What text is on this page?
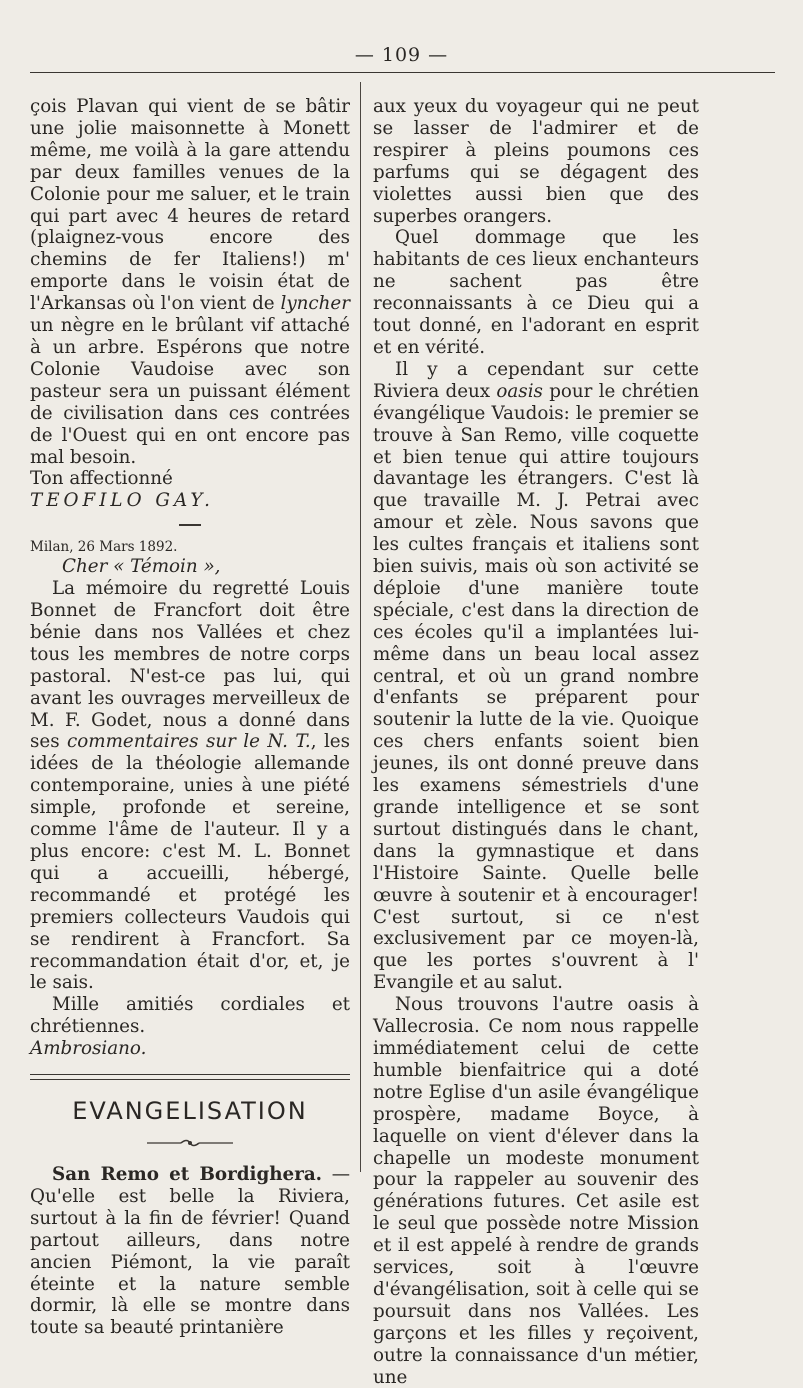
— 109 —

çois Plavan qui vient de se bâtir une jolie maisonnette à Monett même, me voilà à la gare attendu par deux familles venues de la Colonie pour me saluer, et le train qui part avec 4 heures de retard (plaignez-vous encore des chemins de fer Italiens!) m' emporte dans le voisin état de l'Arkansas où l'on vient de lyncher un nègre en le brûlant vif attaché à un arbre. Espérons que notre Colonie Vaudoise avec son pasteur sera un puissant élément de civilisation dans ces contrées de l'Ouest qui en ont encore pas mal besoin.

Ton affectionné

TEOFILO GAY.

Milan, 26 Mars 1892.

Cher « Témoin »,

La mémoire du regretté Louis Bonnet de Francfort doit être bénie dans nos Vallées et chez tous les membres de notre corps pastoral. N'est-ce pas lui, qui avant les ouvrages merveilleux de M. F. Godet, nous a donné dans ses commentaires sur le N. T., les idées de la théologie allemande contemporaine, unies à une piété simple, profonde et sereine, comme l'âme de l'auteur. Il y a plus encore: c'est M. L. Bonnet qui a accueilli, hébergé, recommandé et protégé les premiers collecteurs Vaudois qui se rendirent à Francfort. Sa recommandation était d'or, et, je le sais.

Mille amitiés cordiales et chrétiennes.

Ambrosiano.

EVANGELISATION

San Remo et Bordighera. — Qu'elle est belle la Riviera, surtout à la fin de février! Quand partout ailleurs, dans notre ancien Piémont, la vie paraît éteinte et la nature semble dormir, là elle se montre dans toute sa beauté printanière

aux yeux du voyageur qui ne peut se lasser de l'admirer et de respirer à pleins poumons ces parfums qui se dégagent des violettes aussi bien que des superbes orangers.

Quel dommage que les habitants de ces lieux enchanteurs ne sachent pas être reconnaissants à ce Dieu qui a tout donné, en l'adorant en esprit et en vérité.

Il y a cependant sur cette Riviera deux oasis pour le chrétien évangélique Vaudois: le premier se trouve à San Remo, ville coquette et bien tenue qui attire toujours davantage les étrangers. C'est là que travaille M. J. Petrai avec amour et zèle. Nous savons que les cultes français et italiens sont bien suivis, mais où son activité se déploie d'une manière toute spéciale, c'est dans la direction de ces écoles qu'il a implantées lui-même dans un beau local assez central, et où un grand nombre d'enfants se préparent pour soutenir la lutte de la vie. Quoique ces chers enfants soient bien jeunes, ils ont donné preuve dans les examens sémestriels d'une grande intelligence et se sont surtout distingués dans le chant, dans la gymnastique et dans l'Histoire Sainte. Quelle belle œuvre à soutenir et à encourager! C'est surtout, si ce n'est exclusivement par ce moyen-là, que les portes s'ouvrent à l' Evangile et au salut.

Nous trouvons l'autre oasis à Vallecrosia. Ce nom nous rappelle immédiatement celui de cette humble bienfaitrice qui a doté notre Eglise d'un asile évangélique prospère, madame Boyce, à laquelle on vient d'élever dans la chapelle un modeste monument pour la rappeler au souvenir des générations futures. Cet asile est le seul que possède notre Mission et il est appelé à rendre de grands services, soit à l'œuvre d'évangélisation, soit à celle qui se poursuit dans nos Vallées. Les garçons et les filles y reçoivent, outre la connaissance d'un métier, une
